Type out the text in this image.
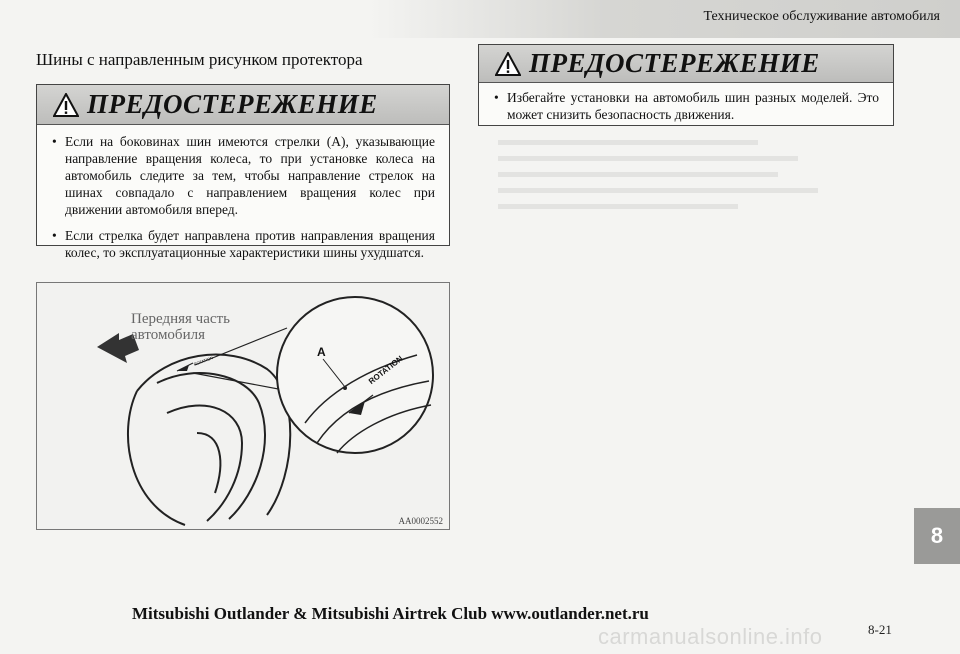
Техническое обслуживание автомобиля
Шины с направленным рисунком протектора
ПРЕДОСТЕРЕЖЕНИЕ
• Если на боковинах шин имеются стрелки (A), указывающие направление вращения колеса, то при установке колеса на автомобиль следите за тем, чтобы направление стрелок на шинах совпадало с направлением вращения колес при движении автомобиля вперед.
• Если стрелка будет направлена против направления вращения колес, то эксплуатационные характеристики шины ухудшатся.
ПРЕДОСТЕРЕЖЕНИЕ
• Избегайте установки на автомобиль шин разных моделей. Это может снизить безопасность движения.
Передняя часть
автомобиля
A
ROTATION
ROTATION
AA0002552
8
Mitsubishi Outlander & Mitsubishi Airtrek Club www.outlander.net.ru
8-21
carmanualsonline.info
